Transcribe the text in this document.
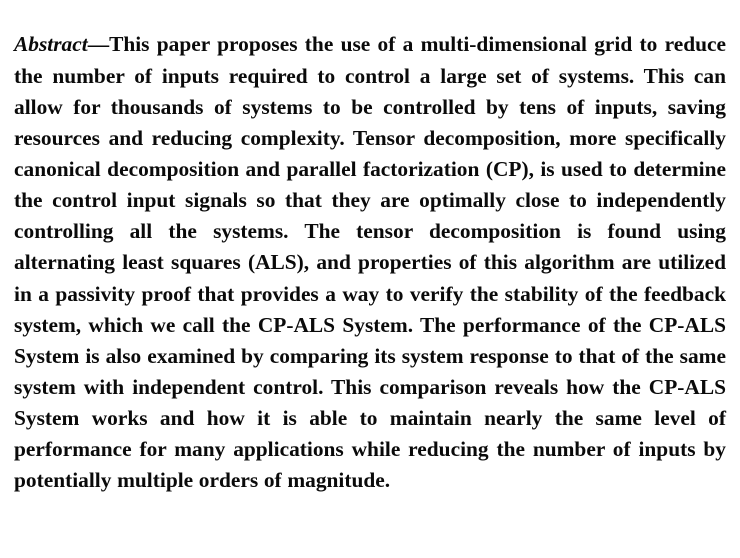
Abstract—This paper proposes the use of a multi-dimensional grid to reduce the number of inputs required to control a large set of systems. This can allow for thousands of systems to be controlled by tens of inputs, saving resources and reducing complexity. Tensor decomposition, more specifically canonical decomposition and parallel factorization (CP), is used to determine the control input signals so that they are optimally close to independently controlling all the systems. The tensor decomposition is found using alternating least squares (ALS), and properties of this algorithm are utilized in a passivity proof that provides a way to verify the stability of the feedback system, which we call the CP-ALS System. The performance of the CP-ALS System is also examined by comparing its system response to that of the same system with independent control. This comparison reveals how the CP-ALS System works and how it is able to maintain nearly the same level of performance for many applications while reducing the number of inputs by potentially multiple orders of magnitude.
